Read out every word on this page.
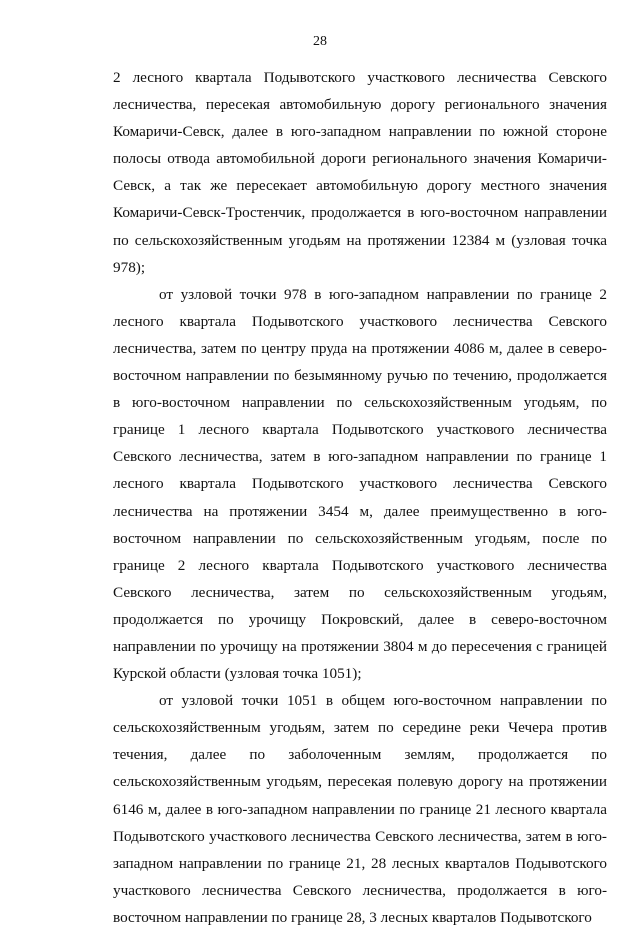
28

2 лесного квартала Подывотского участкового лесничества Севского лесничества, пересекая автомобильную дорогу регионального значения Комаричи-Севск, далее в юго-западном направлении по южной стороне полосы отвода автомобильной дороги регионального значения Комаричи-Севск, а так же пересекает автомобильную дорогу местного значения Комаричи-Севск-Тростенчик, продолжается в юго-восточном направлении по сельскохозяйственным угодьям на протяжении 12384 м (узловая точка 978);

от узловой точки 978 в юго-западном направлении по границе 2 лесного квартала Подывотского участкового лесничества Севского лесничества, затем по центру пруда на протяжении 4086 м, далее в северо-восточном направлении по безымянному ручью по течению, продолжается в юго-восточном направлении по сельскохозяйственным угодьям, по границе 1 лесного квартала Подывотского участкового лесничества Севского лесничества, затем в юго-западном направлении по границе 1 лесного квартала Подывотского участкового лесничества Севского лесничества на протяжении 3454 м, далее преимущественно в юго-восточном направлении по сельскохозяйственным угодьям, после по границе 2 лесного квартала Подывотского участкового лесничества Севского лесничества, затем по сельскохозяйственным угодьям, продолжается по урочищу Покровский, далее в северо-восточном направлении по урочищу на протяжении 3804 м до пересечения с границей Курской области (узловая точка 1051);

от узловой точки 1051 в общем юго-восточном направлении по сельскохозяйственным угодьям, затем по середине реки Чечера против течения, далее по заболоченным землям, продолжается по сельскохозяйственным угодьям, пересекая полевую дорогу на протяжении 6146 м, далее в юго-западном направлении по границе 21 лесного квартала Подывотского участкового лесничества Севского лесничества, затем в юго-западном направлении по границе 21, 28 лесных кварталов Подывотского участкового лесничества Севского лесничества, продолжается в юго-восточном направлении по границе 28, 3 лесных кварталов Подывотского
